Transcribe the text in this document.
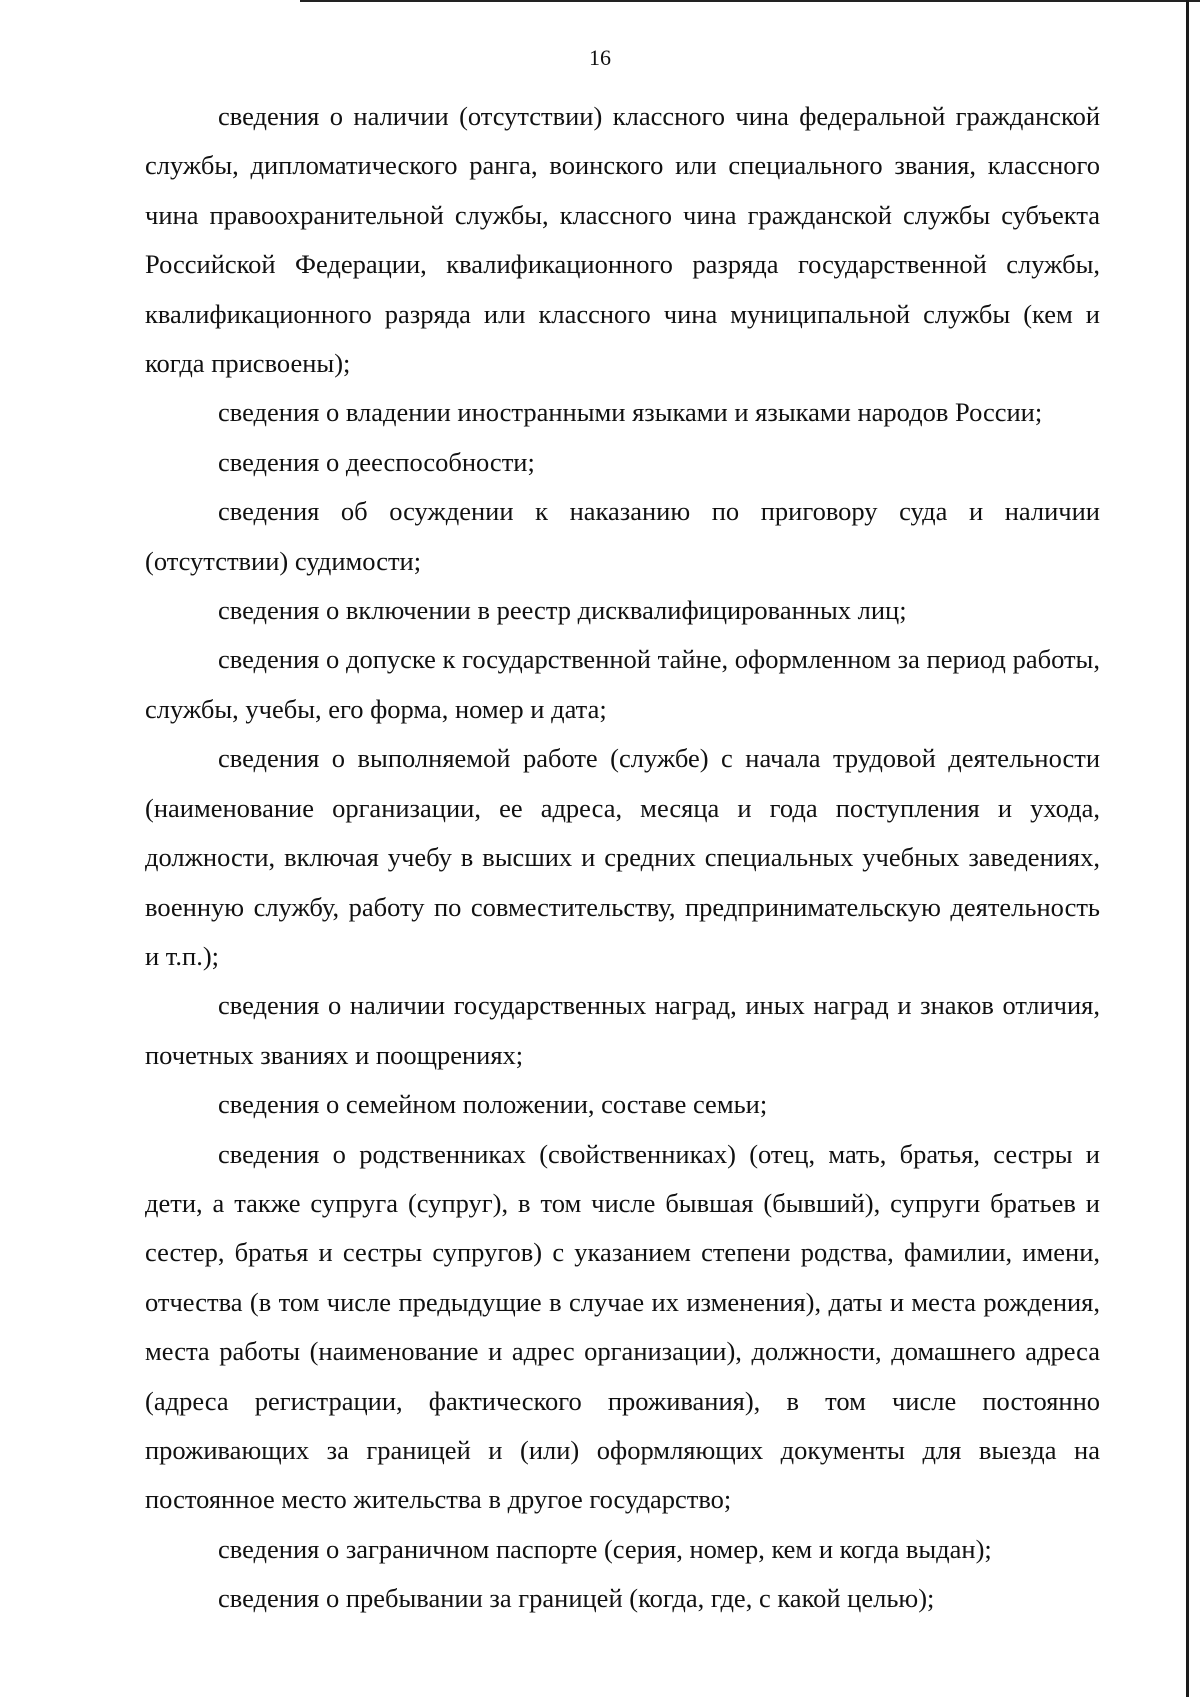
16

сведения о наличии (отсутствии) классного чина федеральной гражданской службы, дипломатического ранга, воинского или специального звания, классного чина правоохранительной службы, классного чина гражданской службы субъекта Российской Федерации, квалификационного разряда государственной службы, квалификационного разряда или классного чина муниципальной службы (кем и когда присвоены);

сведения о владении иностранными языками и языками народов России;

сведения о дееспособности;

сведения об осуждении к наказанию по приговору суда и наличии (отсутствии) судимости;

сведения о включении в реестр дисквалифицированных лиц;

сведения о допуске к государственной тайне, оформленном за период работы, службы, учебы, его форма, номер и дата;

сведения о выполняемой работе (службе) с начала трудовой деятельности (наименование организации, ее адреса, месяца и года поступления и ухода, должности, включая учебу в высших и средних специальных учебных заведениях, военную службу, работу по совместительству, предпринимательскую деятельность и т.п.);

сведения о наличии государственных наград, иных наград и знаков отличия, почетных званиях и поощрениях;

сведения о семейном положении, составе семьи;

сведения о родственниках (свойственниках) (отец, мать, братья, сестры и дети, а также супруга (супруг), в том числе бывшая (бывший), супруги братьев и сестер, братья и сестры супругов) с указанием степени родства, фамилии, имени, отчества (в том числе предыдущие в случае их изменения), даты и места рождения, места работы (наименование и адрес организации), должности, домашнего адреса (адреса регистрации, фактического проживания), в том числе постоянно проживающих за границей и (или) оформляющих документы для выезда на постоянное место жительства в другое государство;

сведения о заграничном паспорте (серия, номер, кем и когда выдан);

сведения о пребывании за границей (когда, где, с какой целью);
